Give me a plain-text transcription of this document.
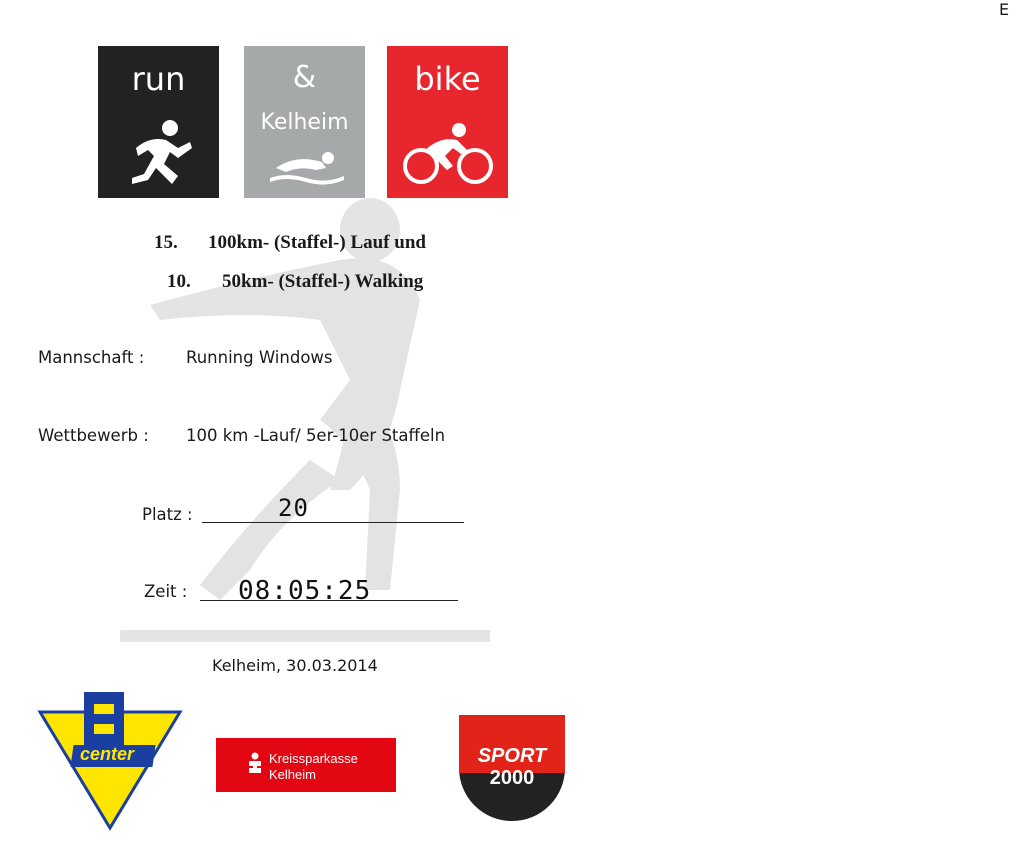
run	&
Kelheim
bike
15. 100km- (Staffel-) Lauf und
10. 50km- (Staffel-) Walking
Mannschaft :	Running Windows
Wettbewerb : 100 km -Lauf/ 5er-10er Staffeln
Platz :	20
Zeit : 08:05:25
Kelheim, 30.03.2014
center
E
Kreissparkasse
Kelheim
SPORT
2000
